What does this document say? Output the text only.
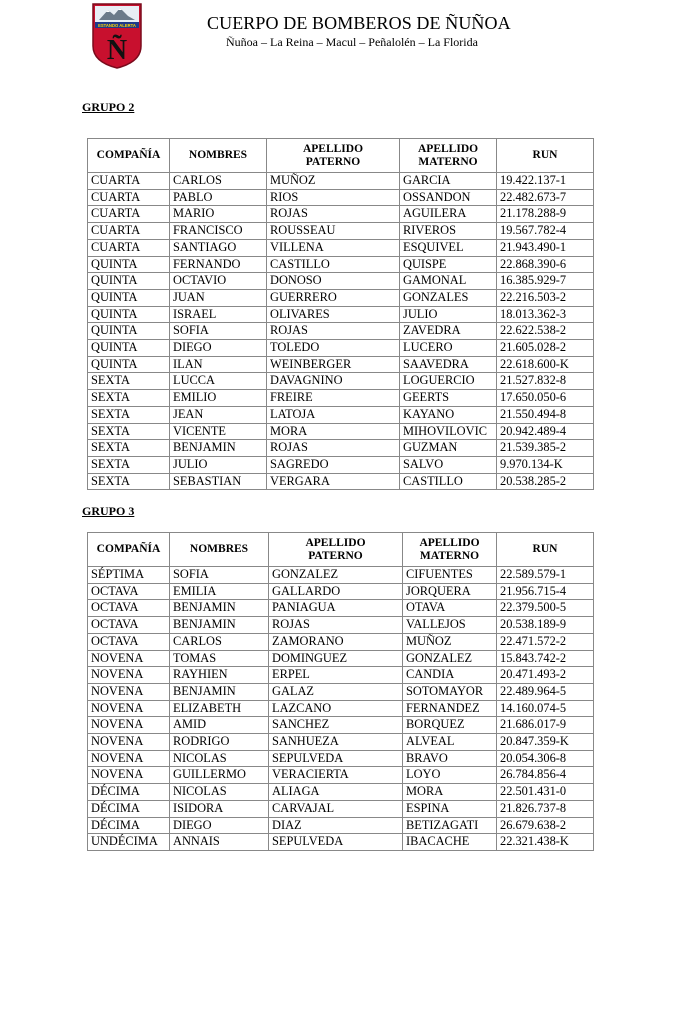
ESTANDO ALERTA
Ñ
CUERPO DE BOMBEROS DE ÑUÑOA
Ñuñoa – La Reina – Macul – Peñalolén – La Florida
GRUPO 2
COMPAÑÍA	NOMBRES	APELLIDO PATERNO	APELLIDO MATERNO	RUN
CUARTA	CARLOS	MUÑOZ	GARCIA	19.422.137-1
CUARTA	PABLO	RIOS	OSSANDON	22.482.673-7
CUARTA	MARIO	ROJAS	AGUILERA	21.178.288-9
CUARTA	FRANCISCO	ROUSSEAU	RIVEROS	19.567.782-4
CUARTA	SANTIAGO	VILLENA	ESQUIVEL	21.943.490-1
QUINTA	FERNANDO	CASTILLO	QUISPE	22.868.390-6
QUINTA	OCTAVIO	DONOSO	GAMONAL	16.385.929-7
QUINTA	JUAN	GUERRERO	GONZALES	22.216.503-2
QUINTA	ISRAEL	OLIVARES	JULIO	18.013.362-3
QUINTA	SOFIA	ROJAS	ZAVEDRA	22.622.538-2
QUINTA	DIEGO	TOLEDO	LUCERO	21.605.028-2
QUINTA	ILAN	WEINBERGER	SAAVEDRA	22.618.600-K
SEXTA	LUCCA	DAVAGNINO	LOGUERCIO	21.527.832-8
SEXTA	EMILIO	FREIRE	GEERTS	17.650.050-6
SEXTA	JEAN	LATOJA	KAYANO	21.550.494-8
SEXTA	VICENTE	MORA	MIHOVILOVIC	20.942.489-4
SEXTA	BENJAMIN	ROJAS	GUZMAN	21.539.385-2
SEXTA	JULIO	SAGREDO	SALVO	9.970.134-K
SEXTA	SEBASTIAN	VERGARA	CASTILLO	20.538.285-2
GRUPO 3
COMPAÑÍA	NOMBRES	APELLIDO PATERNO	APELLIDO MATERNO	RUN
SÉPTIMA	SOFIA	GONZALEZ	CIFUENTES	22.589.579-1
OCTAVA	EMILIA	GALLARDO	JORQUERA	21.956.715-4
OCTAVA	BENJAMIN	PANIAGUA	OTAVA	22.379.500-5
OCTAVA	BENJAMIN	ROJAS	VALLEJOS	20.538.189-9
OCTAVA	CARLOS	ZAMORANO	MUÑOZ	22.471.572-2
NOVENA	TOMAS	DOMINGUEZ	GONZALEZ	15.843.742-2
NOVENA	RAYHIEN	ERPEL	CANDIA	20.471.493-2
NOVENA	BENJAMIN	GALAZ	SOTOMAYOR	22.489.964-5
NOVENA	ELIZABETH	LAZCANO	FERNANDEZ	14.160.074-5
NOVENA	AMID	SANCHEZ	BORQUEZ	21.686.017-9
NOVENA	RODRIGO	SANHUEZA	ALVEAL	20.847.359-K
NOVENA	NICOLAS	SEPULVEDA	BRAVO	20.054.306-8
NOVENA	GUILLERMO	VERACIERTA	LOYO	26.784.856-4
DÉCIMA	NICOLAS	ALIAGA	MORA	22.501.431-0
DÉCIMA	ISIDORA	CARVAJAL	ESPINA	21.826.737-8
DÉCIMA	DIEGO	DIAZ	BETIZAGATI	26.679.638-2
UNDÉCIMA	ANNAIS	SEPULVEDA	IBACACHE	22.321.438-K
